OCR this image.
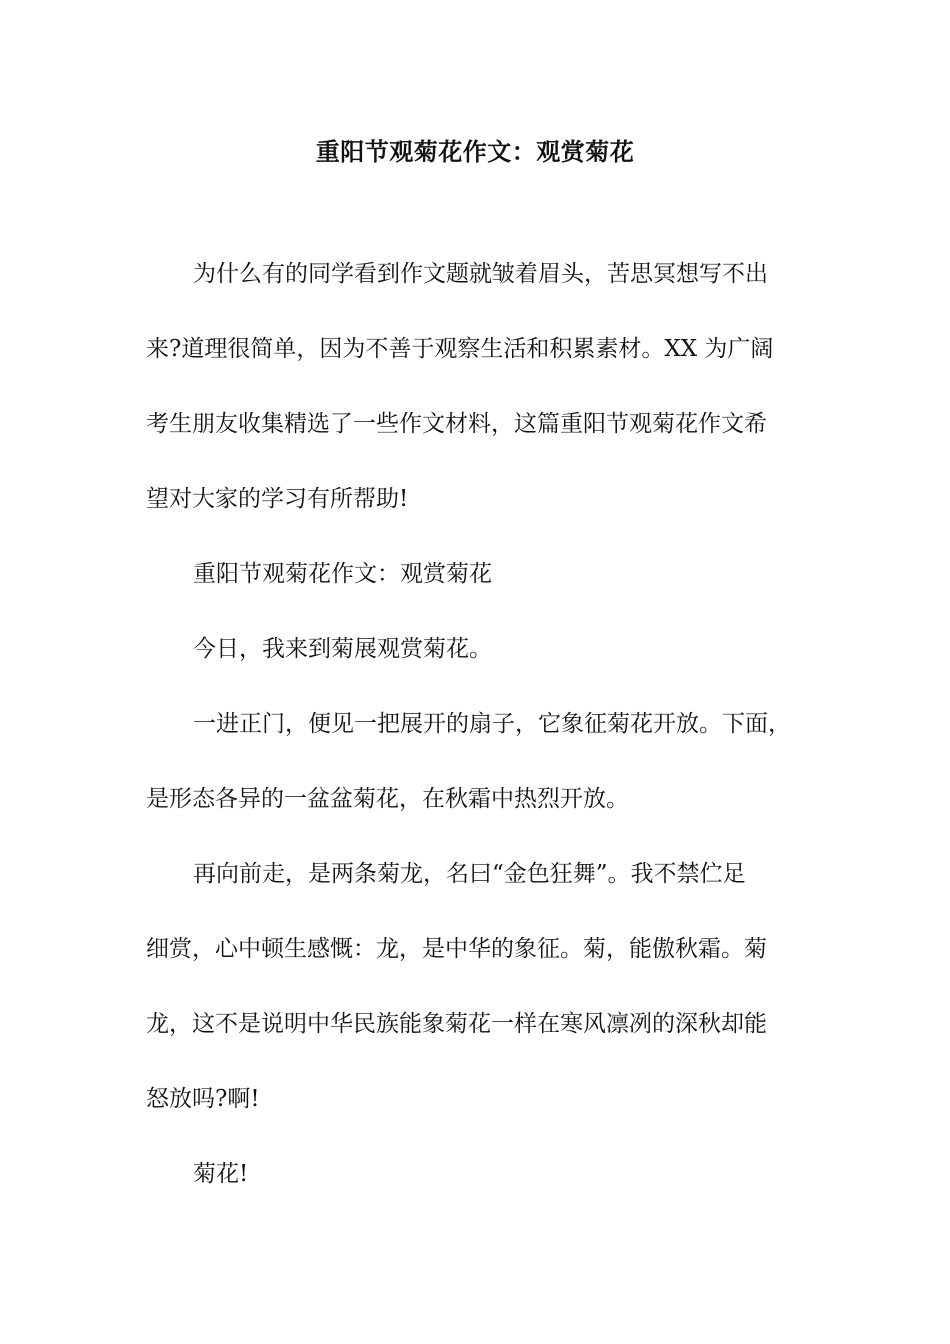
重阳节观菊花作文：观赏菊花
为什么有的同学看到作文题就皱着眉头，苦思冥想写不出
来?道理很简单，因为不善于观察生活和积累素材。XX 为广阔
考生朋友收集精选了一些作文材料，这篇重阳节观菊花作文希
望对大家的学习有所帮助!
重阳节观菊花作文：观赏菊花
今日，我来到菊展观赏菊花。
一进正门，便见一把展开的扇子，它象征菊花开放。下面，
是形态各异的一盆盆菊花，在秋霜中热烈开放。
再向前走，是两条菊龙，名曰“金色狂舞”。我不禁伫足
细赏，心中顿生感慨：龙，是中华的象征。菊，能傲秋霜。菊
龙，这不是说明中华民族能象菊花一样在寒风凛冽的深秋却能
怒放吗?啊!
菊花!
